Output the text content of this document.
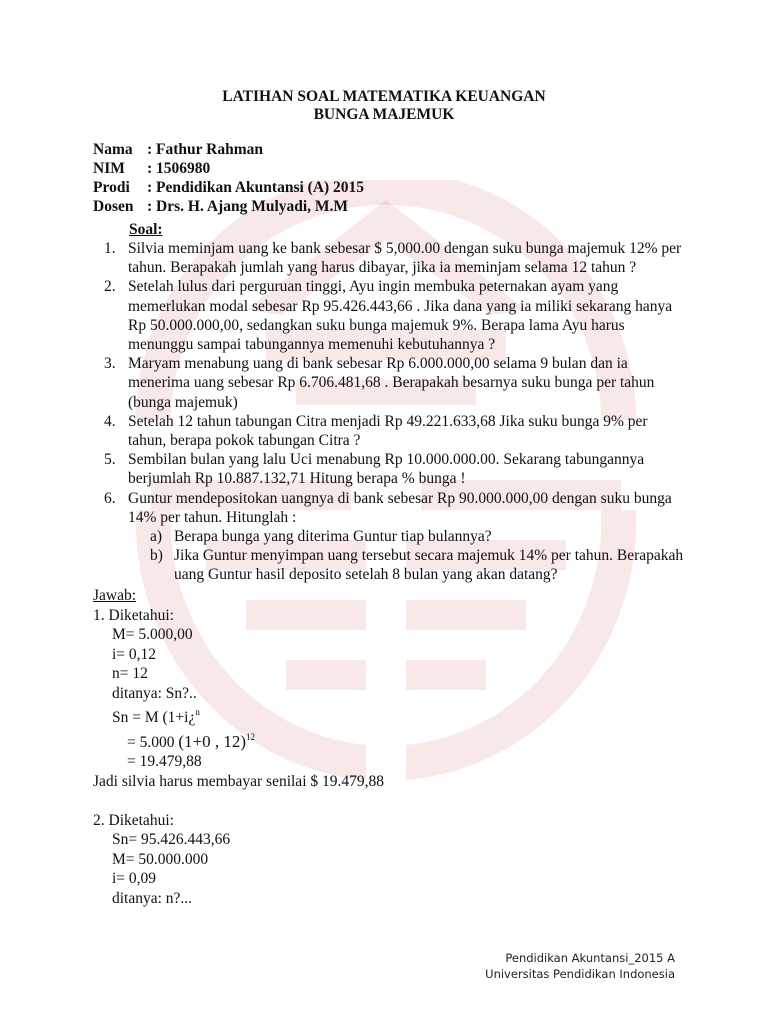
LATIHAN SOAL MATEMATIKA KEUANGAN
BUNGA MAJEMUK
Nama : Fathur Rahman
NIM : 1506980
Prodi : Pendidikan Akuntansi (A) 2015
Dosen : Drs. H. Ajang Mulyadi, M.M
Soal:
1. Silvia meminjam uang ke bank sebesar $ 5,000.00 dengan suku bunga majemuk 12% per tahun. Berapakah jumlah yang harus dibayar, jika ia meminjam selama 12 tahun ?
2. Setelah lulus dari perguruan tinggi, Ayu ingin membuka peternakan ayam yang memerlukan modal sebesar Rp 95.426.443,66 . Jika dana yang ia miliki sekarang hanya Rp 50.000.000,00, sedangkan suku bunga majemuk 9%. Berapa lama Ayu harus menunggu sampai tabungannya memenuhi kebutuhannya ?
3. Maryam menabung uang di bank sebesar Rp 6.000.000,00 selama 9 bulan dan ia menerima uang sebesar Rp 6.706.481,68 . Berapakah besarnya suku bunga per tahun (bunga majemuk)
4. Setelah 12 tahun tabungan Citra menjadi Rp 49.221.633,68 Jika suku bunga 9% per tahun, berapa pokok tabungan Citra ?
5. Sembilan bulan yang lalu Uci menabung Rp 10.000.000.00. Sekarang tabungannya berjumlah Rp 10.887.132,71 Hitung berapa % bunga !
6. Guntur mendepositokan uangnya di bank sebesar Rp 90.000.000,00 dengan suku bunga 14% per tahun. Hitunglah :
a) Berapa bunga yang diterima Guntur tiap bulannya?
b) Jika Guntur menyimpan uang tersebut secara majemuk 14% per tahun. Berapakah uang Guntur hasil deposito setelah 8 bulan yang akan datang?
Jawab:
1. Diketahui:
M= 5.000,00
i= 0,12
n= 12
ditanya: Sn?..
Sn = M (1+i¿$^n$
= 5.000 (1+0 , 12)$^{12}$
= 19.479,88
Jadi silvia harus membayar senilai $ 19.479,88
2. Diketahui:
Sn= 95.426.443,66
M= 50.000.000
i= 0,09
ditanya: n?...
Pendidikan Akuntansi_2015 A
Universitas Pendidikan Indonesia
